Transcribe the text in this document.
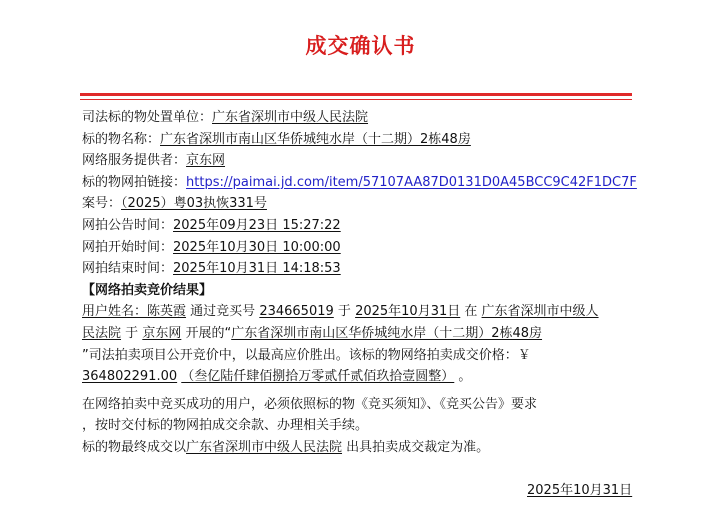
成交确认书
司法标的物处置单位：广东省深圳市中级人民法院
标的物名称：广东省深圳市南山区华侨城纯水岸（十二期）2栋48房
网络服务提供者：京东网
标的物网拍链接：https://paimai.jd.com/item/57107AA87D0131D0A45BCC9C42F1DC7F
案号：（2025）粤03执恢331号
网拍公告时间：2025年09月23日 15:27:22
网拍开始时间：2025年10月30日 10:00:00
网拍结束时间：2025年10月31日 14:18:53
【网络拍卖竞价结果】
用户姓名：陈英霞 通过竞买号 234665019 于 2025年10月31日 在 广东省深圳市中级人
民法院 于 京东网 开展的“广东省深圳市南山区华侨城纯水岸（十二期）2栋48房
”司法拍卖项目公开竞价中，以最高应价胜出。该标的物网络拍卖成交价格：￥
364802291.00 （叁亿陆仟肆佰捌拾万零贰仟贰佰玖拾壹圆整） 。
在网络拍卖中竞买成功的用户，必须依照标的物《竞买须知》、《竞买公告》要求
，按时交付标的物网拍成交余款、办理相关手续。
标的物最终成交以广东省深圳市中级人民法院 出具拍卖成交裁定为准。
2025年10月31日
